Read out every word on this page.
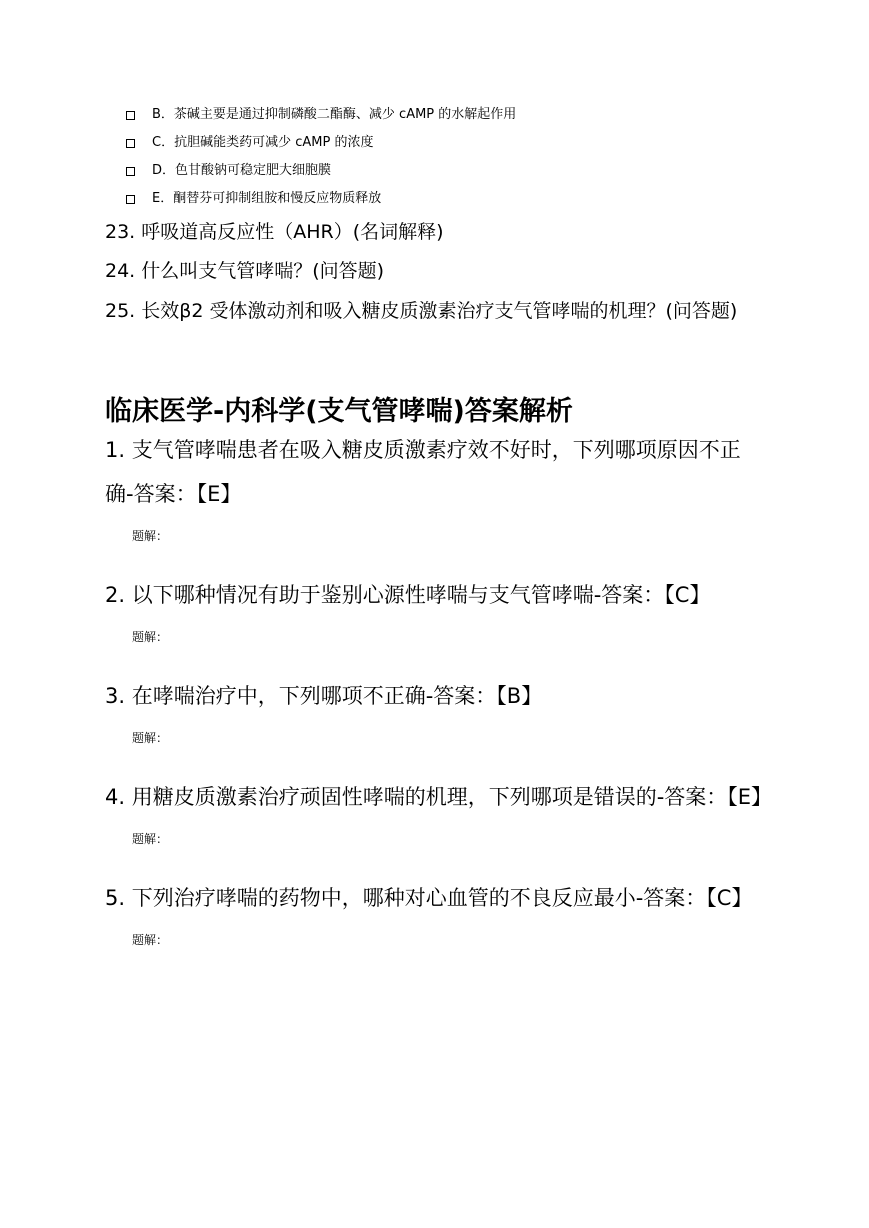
B．茶碱主要是通过抑制磷酸二酯酶、减少 cAMP 的水解起作用
C．抗胆碱能类药可减少 cAMP 的浓度
D．色甘酸钠可稳定肥大细胞膜
E．酮替芬可抑制组胺和慢反应物质释放
23. 呼吸道高反应性（AHR）(名词解释)
24. 什么叫支气管哮喘？(问答题)
25. 长效β2 受体激动剂和吸入糖皮质激素治疗支气管哮喘的机理？(问答题)
临床医学-内科学(支气管哮喘)答案解析
1. 支气管哮喘患者在吸入糖皮质激素疗效不好时，下列哪项原因不正确-答案：【E】
题解：
2. 以下哪种情况有助于鉴别心源性哮喘与支气管哮喘-答案：【C】
题解：
3. 在哮喘治疗中，下列哪项不正确-答案：【B】
题解：
4. 用糖皮质激素治疗顽固性哮喘的机理，下列哪项是错误的-答案：【E】
题解：
5. 下列治疗哮喘的药物中，哪种对心血管的不良反应最小-答案：【C】
题解：
